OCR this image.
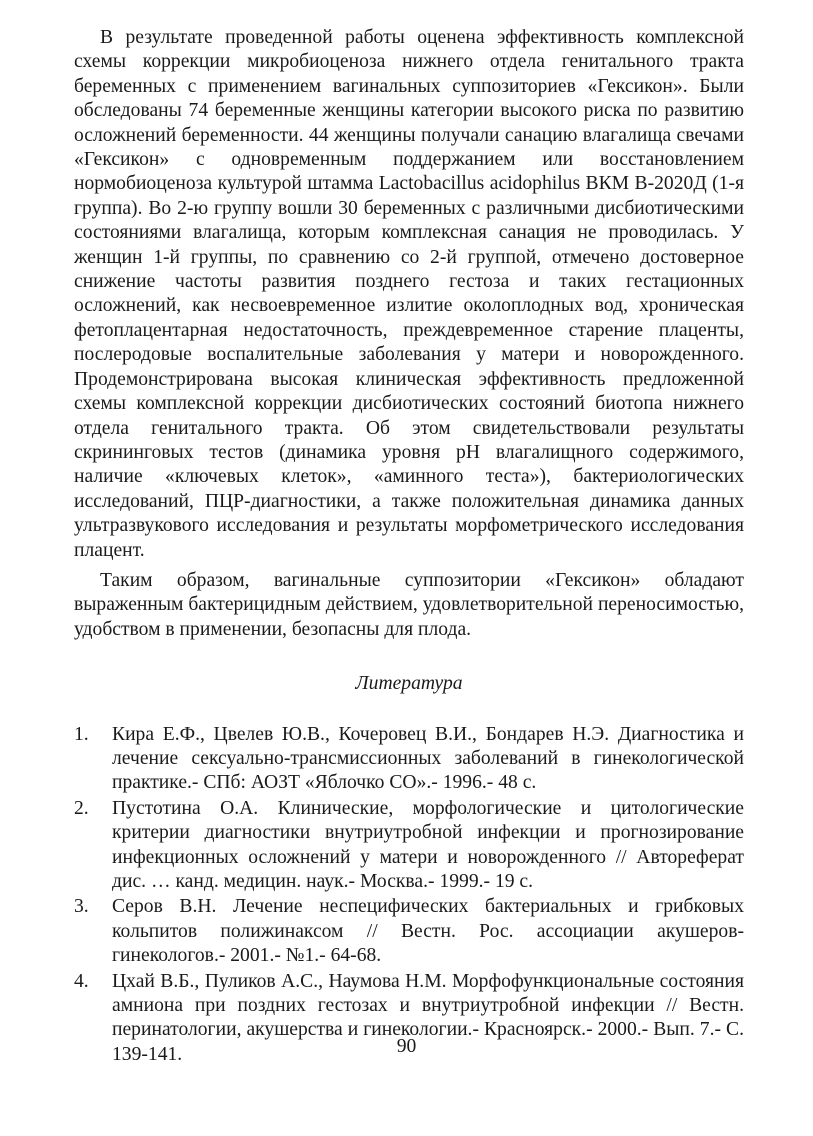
В результате проведенной работы оценена эффективность комплексной схемы коррекции микробиоценоза нижнего отдела генитального тракта беременных с применением вагинальных суппозиториев «Гексикон». Были обследованы 74 беременные женщины категории высокого риска по развитию осложнений беременности. 44 женщины получали санацию влагалища свечами «Гексикон» с одновременным поддержанием или восстановлением нормобиоценоза культурой штамма Lactobacillus acidophilus ВКМ В-2020Д (1-я группа). Во 2-ю группу вошли 30 беременных с различными дисбиотическими состояниями влагалища, которым комплексная санация не проводилась. У женщин 1-й группы, по сравнению со 2-й группой, отмечено достоверное снижение частоты развития позднего гестоза и таких гестационных осложнений, как несвоевременное излитие околоплодных вод, хроническая фетоплацентарная недостаточность, преждевременное старение плаценты, послеродовые воспалительные заболевания у матери и новорожденного. Продемонстрирована высокая клиническая эффективность предложенной схемы комплексной коррекции дисбиотических состояний биотопа нижнего отдела генитального тракта. Об этом свидетельствовали результаты скрининговых тестов (динамика уровня рН влагалищного содержимого, наличие «ключевых клеток», «аминного теста»), бактериологических исследований, ПЦР-диагностики, а также положительная динамика данных ультразвукового исследования и результаты морфометрического исследования плацент.

Таким образом, вагинальные суппозитории «Гексикон» обладают выраженным бактерицидным действием, удовлетворительной переносимостью, удобством в применении, безопасны для плода.

Литература
1.	Кира Е.Ф., Цвелев Ю.В., Кочеровец В.И., Бондарев Н.Э. Диагностика и лечение сексуально-трансмиссионных заболеваний в гинекологической практике.- СПб: АОЗТ «Яблочко СО».- 1996.- 48 с.
2.	Пустотина О.А. Клинические, морфологические и цитологические критерии диагностики внутриутробной инфекции и прогнозирование инфекционных осложнений у матери и новорожденного // Автореферат дис. … канд. медицин. наук.- Москва.- 1999.- 19 с.
3.	Серов В.Н. Лечение неспецифических бактериальных и грибковых кольпитов полижинаксом // Вестн. Рос. ассоциации акушеров-гинекологов.- 2001.- №1.- 64-68.
4.	Цхай В.Б., Пуликов А.С., Наумова Н.М. Морфофункциональные состояния амниона при поздних гестозах и внутриутробной инфекции // Вестн. перинатологии, акушерства и гинекологии.- Красноярск.- 2000.- Вып. 7.- С. 139-141.	90
